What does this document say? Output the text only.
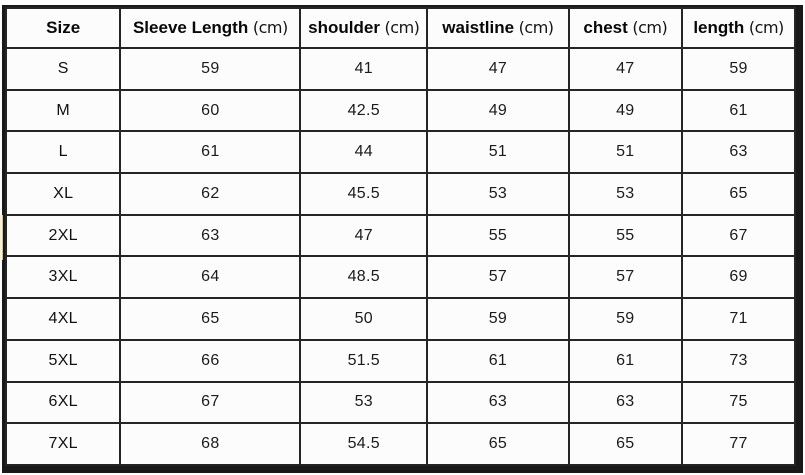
Size	Sleeve Length (cm)	shoulder (cm)	waistline (cm)	chest (cm)	length (cm)
S	59	41	47	47	59
M	60	42.5	49	49	61
L	61	44	51	51	63
XL	62	45.5	53	53	65
2XL	63	47	55	55	67
3XL	64	48.5	57	57	69
4XL	65	50	59	59	71
5XL	66	51.5	61	61	73
6XL	67	53	63	63	75
7XL	68	54.5	65	65	77
